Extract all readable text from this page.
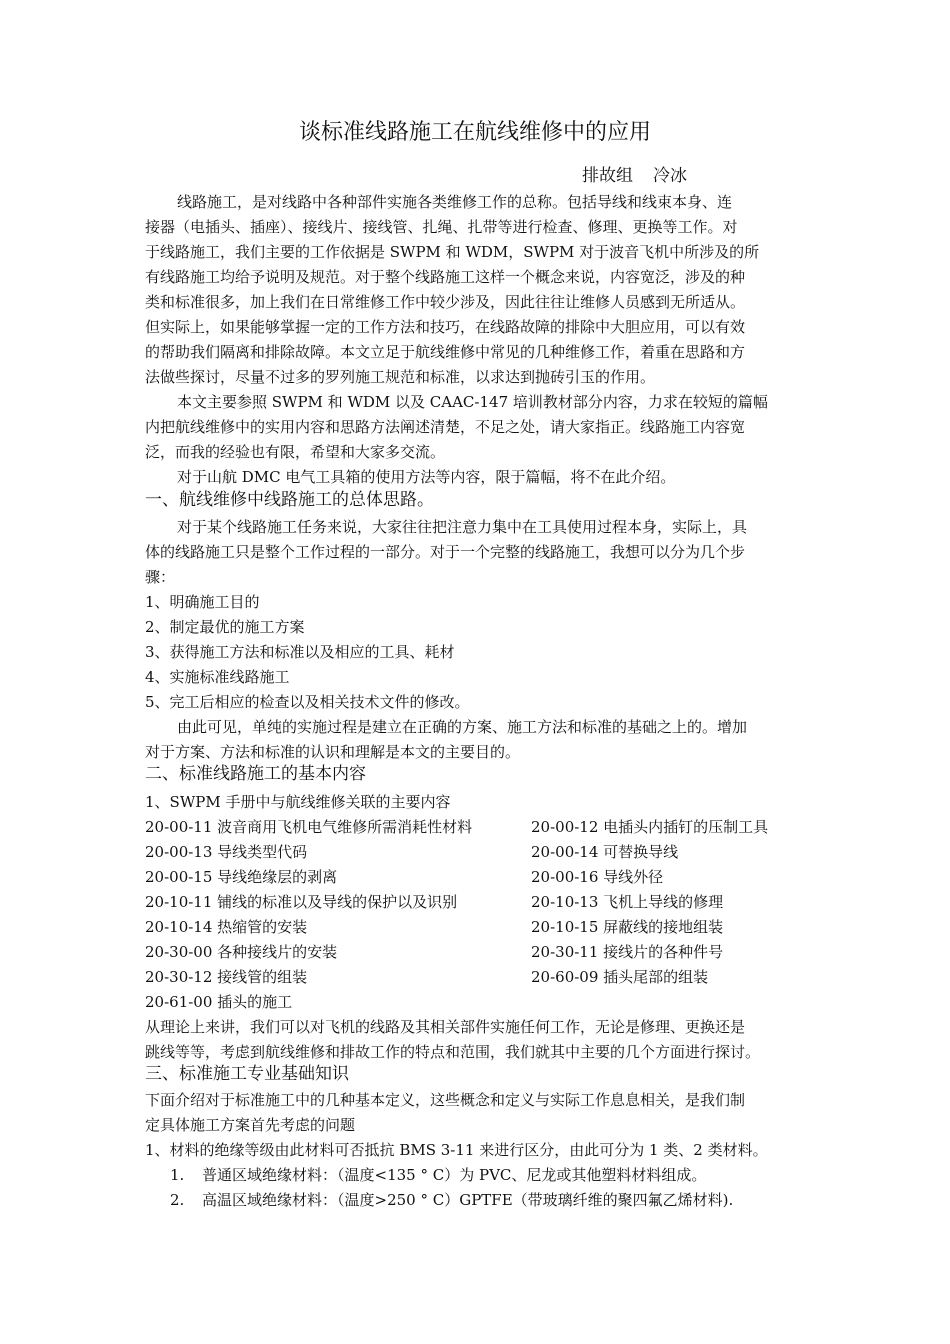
谈标准线路施工在航线维修中的应用
排故组 冷冰
线路施工，是对线路中各种部件实施各类维修工作的总称。包括导线和线束本身、连
接器（电插头、插座）、接线片、接线管、扎绳、扎带等进行检查、修理、更换等工作。对
于线路施工，我们主要的工作依据是 SWPM 和 WDM，SWPM 对于波音飞机中所涉及的所
有线路施工均给予说明及规范。对于整个线路施工这样一个概念来说，内容宽泛，涉及的种
类和标准很多，加上我们在日常维修工作中较少涉及，因此往往让维修人员感到无所适从。
但实际上，如果能够掌握一定的工作方法和技巧，在线路故障的排除中大胆应用，可以有效
的帮助我们隔离和排除故障。本文立足于航线维修中常见的几种维修工作，着重在思路和方
法做些探讨，尽量不过多的罗列施工规范和标准，以求达到抛砖引玉的作用。
本文主要参照 SWPM 和 WDM 以及 CAAC-147 培训教材部分内容，力求在较短的篇幅
内把航线维修中的实用内容和思路方法阐述清楚，不足之处，请大家指正。线路施工内容宽
泛，而我的经验也有限，希望和大家多交流。
对于山航 DMC 电气工具箱的使用方法等内容，限于篇幅，将不在此介绍。
一、航线维修中线路施工的总体思路。
对于某个线路施工任务来说，大家往往把注意力集中在工具使用过程本身，实际上，具
体的线路施工只是整个工作过程的一部分。对于一个完整的线路施工，我想可以分为几个步
骤：
1、明确施工目的
2、制定最优的施工方案
3、获得施工方法和标准以及相应的工具、耗材
4、实施标准线路施工
5、完工后相应的检查以及相关技术文件的修改。
由此可见，单纯的实施过程是建立在正确的方案、施工方法和标准的基础之上的。增加
对于方案、方法和标准的认识和理解是本文的主要目的。
二、标准线路施工的基本内容
1、SWPM 手册中与航线维修关联的主要内容
20-00-11 波音商用飞机电气维修所需消耗性材料	20-00-12 电插头内插钉的压制工具
20-00-13 导线类型代码	20-00-14 可替换导线
20-00-15 导线绝缘层的剥离	20-00-16 导线外径
20-10-11 铺线的标准以及导线的保护以及识别	20-10-13 飞机上导线的修理
20-10-14 热缩管的安装	20-10-15 屏蔽线的接地组装
20-30-00 各种接线片的安装	20-30-11 接线片的各种件号
20-30-12 接线管的组装	20-60-09 插头尾部的组装
20-61-00 插头的施工
从理论上来讲，我们可以对飞机的线路及其相关部件实施任何工作，无论是修理、更换还是
跳线等等，考虑到航线维修和排故工作的特点和范围，我们就其中主要的几个方面进行探讨。
三、标准施工专业基础知识
下面介绍对于标准施工中的几种基本定义，这些概念和定义与实际工作息息相关，是我们制
定具体施工方案首先考虑的问题
1、材料的绝缘等级由此材料可否抵抗 BMS 3-11 来进行区分，由此可分为 1 类、2 类材料。
1. 普通区域绝缘材料：（温度<135 ° C）为 PVC、尼龙或其他塑料材料组成。
2. 高温区域绝缘材料：（温度>250 ° C）GPTFE（带玻璃纤维的聚四氟乙烯材料).
